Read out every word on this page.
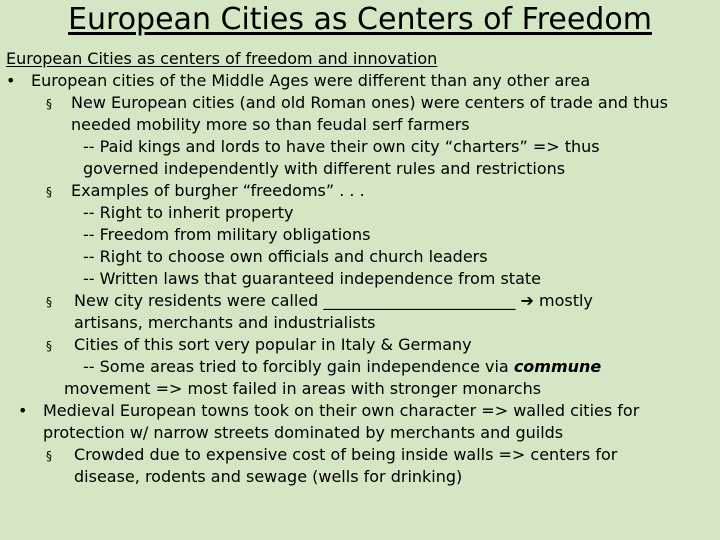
European Cities as Centers of Freedom
European Cities as centers of freedom and innovation
• European cities of the Middle Ages were different than any other area
§ New European cities (and old Roman ones) were centers of trade and thus
needed mobility more so than feudal serf farmers
-- Paid kings and lords to have their own city “charters” => thus
governed independently with different rules and restrictions
§ Examples of burgher “freedoms” . . .
-- Right to inherit property
-- Freedom from military obligations
-- Right to choose own officials and church leaders
-- Written laws that guaranteed independence from state
§ New city residents were called ________________________ ➔ mostly
artisans, merchants and industrialists
§ Cities of this sort very popular in Italy & Germany
-- Some areas tried to forcibly gain independence via commune
movement => most failed in areas with stronger monarchs
• Medieval European towns took on their own character => walled cities for
protection w/ narrow streets dominated by merchants and guilds
§ Crowded due to expensive cost of being inside walls => centers for
disease, rodents and sewage (wells for drinking)
